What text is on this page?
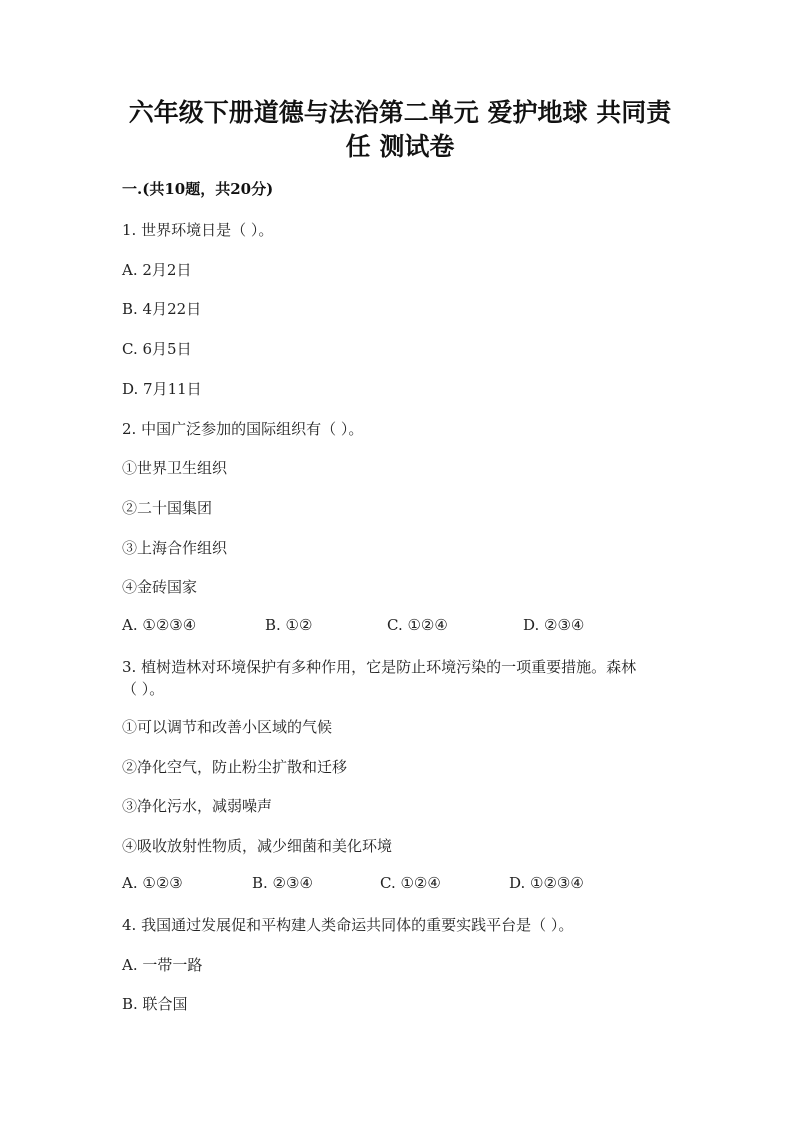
六年级下册道德与法治第二单元 爱护地球 共同责
任 测试卷
一.(共10题，共20分)
1. 世界环境日是（ ）。
A. 2月2日
B. 4月22日
C. 6月5日
D. 7月11日
2. 中国广泛参加的国际组织有（ ）。
①世界卫生组织
②二十国集团
③上海合作组织
④金砖国家
A. ①②③④	B. ①②	C. ①②④	D. ②③④
3. 植树造林对环境保护有多种作用，它是防止环境污染的一项重要措施。森林
（ ）。
①可以调节和改善小区域的气候
②净化空气，防止粉尘扩散和迁移
③净化污水，减弱噪声
④吸收放射性物质，减少细菌和美化环境
A. ①②③	B. ②③④	C. ①②④	D. ①②③④
4. 我国通过发展促和平构建人类命运共同体的重要实践平台是（ ）。
A. 一带一路
B. 联合国
